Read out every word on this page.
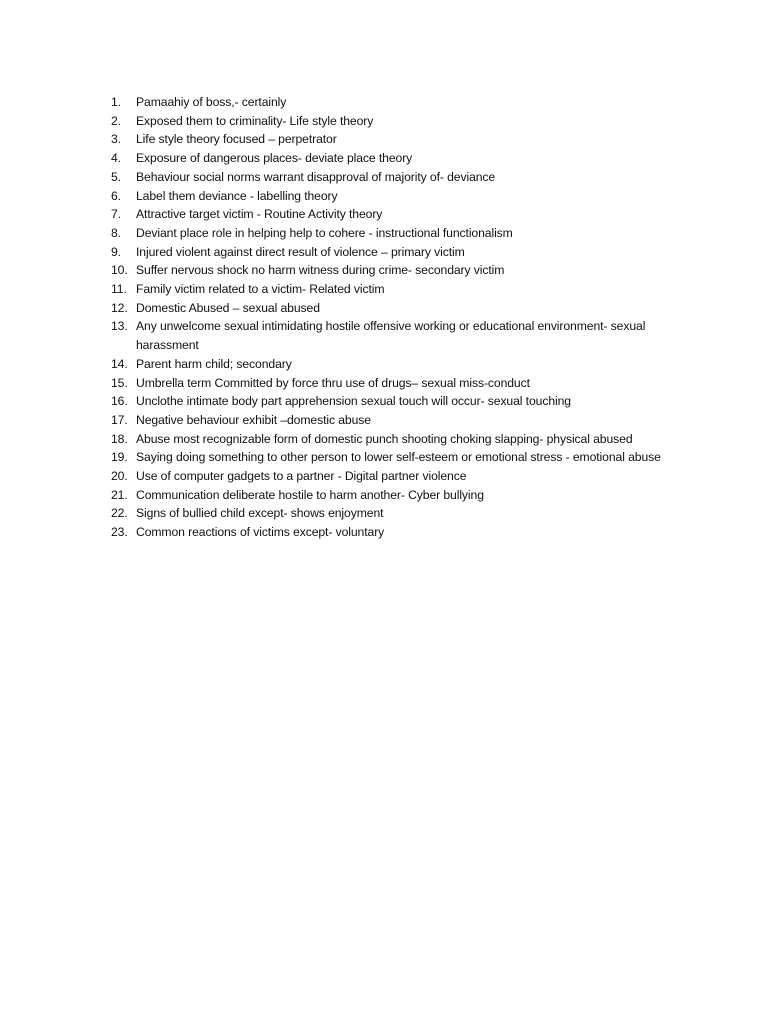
1.	Pamaahiy of boss,- certainly
2.	Exposed them to criminality- Life style theory
3.	Life style theory focused – perpetrator
4.	Exposure of dangerous places- deviate place theory
5.	Behaviour social norms warrant disapproval of majority of- deviance
6.	Label them deviance - labelling theory
7.	Attractive target victim - Routine Activity theory
8.	Deviant place role in helping help to cohere - instructional functionalism
9.	Injured violent against direct result of violence – primary victim
10. Suffer nervous shock no harm witness during crime- secondary victim
11. Family victim related to a victim- Related victim
12. Domestic Abused – sexual abused
13. Any unwelcome sexual intimidating hostile offensive working or educational environment- sexual harassment
14. Parent harm child; secondary
15. Umbrella term Committed by force thru use of drugs– sexual miss-conduct
16. Unclothe intimate body part apprehension sexual touch will occur- sexual touching
17. Negative behaviour exhibit –domestic abuse
18. Abuse most recognizable form of domestic punch shooting choking slapping- physical abused
19. Saying doing something to other person to lower self-esteem or emotional stress - emotional abuse
20. Use of computer gadgets to a partner - Digital partner violence
21. Communication deliberate hostile to harm another- Cyber bullying
22. Signs of bullied child except- shows enjoyment
23. Common reactions of victims except- voluntary
